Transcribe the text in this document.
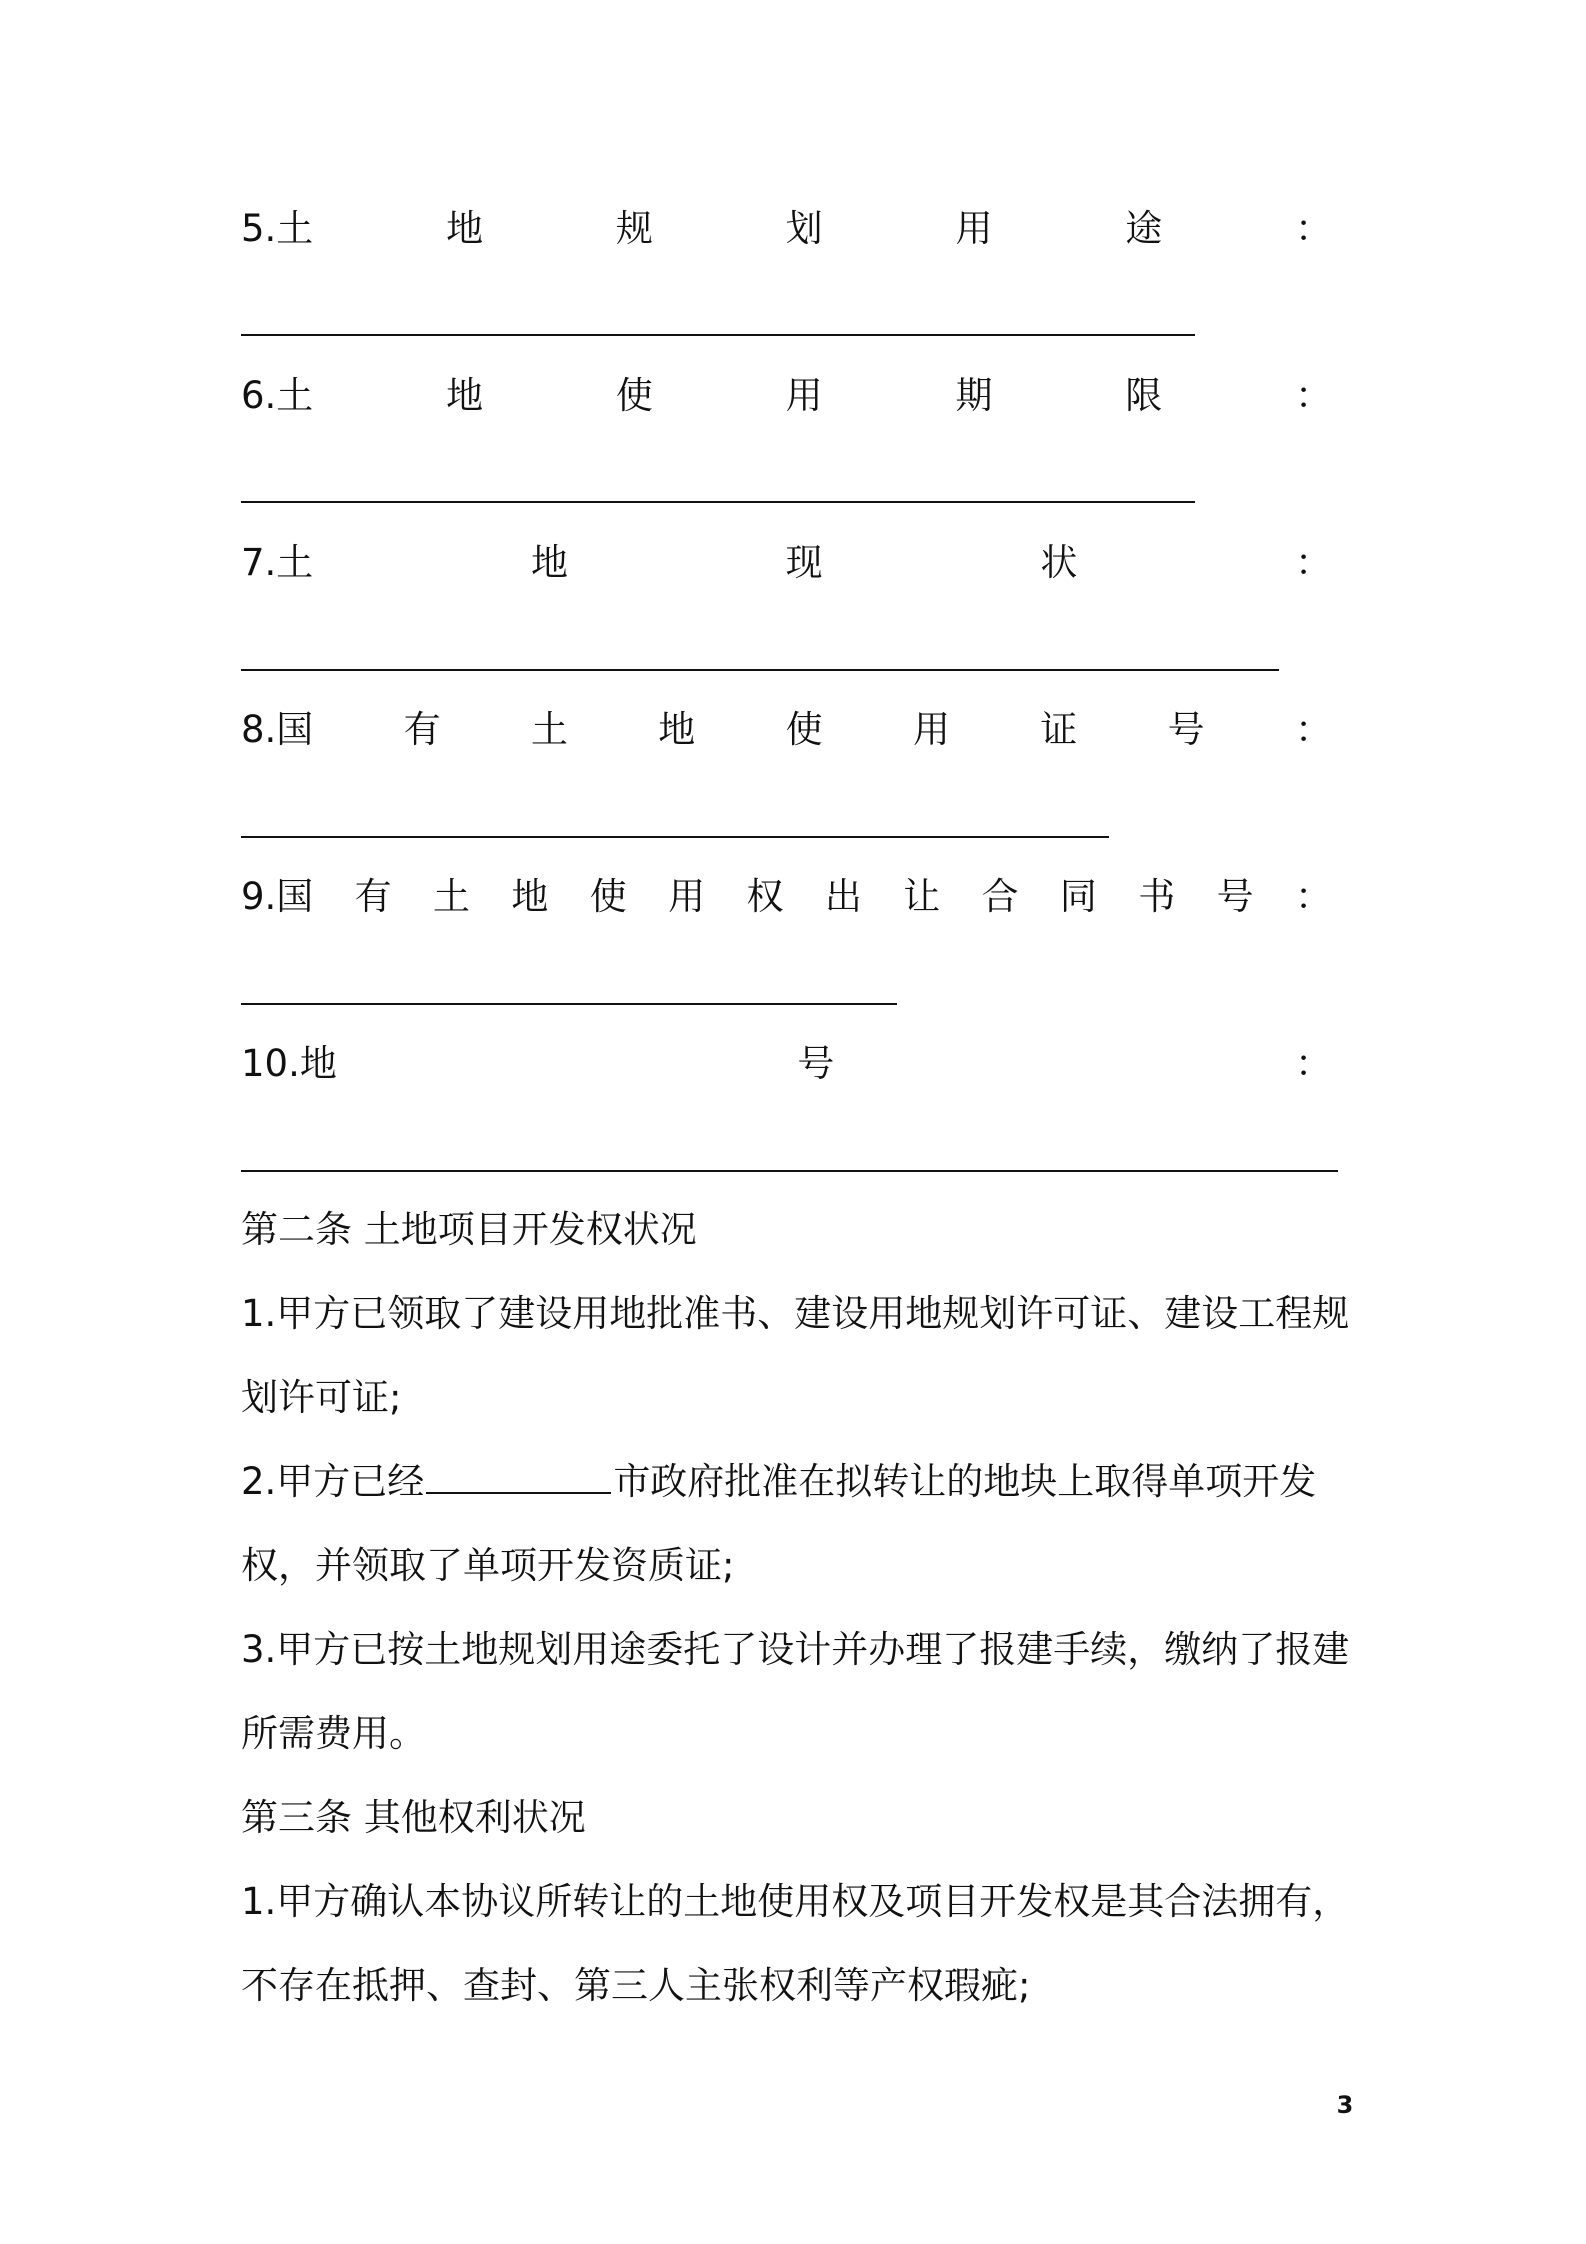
5.土	地	规	划	用	途	：
6.土	地	使	用	期	限	：
7.土	地	现	状	：
8.国 有 土 地 使 用 证 号 ：
9.国 有 土 地 使 用 权 出 让 合 同 书 号 ：
10.地	号	：
第二条 土地项目开发权状况
1.甲方已领取了建设用地批准书、建设用地规划许可证、建设工程规
划许可证;
2.甲方已经	市政府批准在拟转让的地块上取得单项开发
权，并领取了单项开发资质证;
3.甲方已按土地规划用途委托了设计并办理了报建手续，缴纳了报建
所需费用。
第三条 其他权利状况
1.甲方确认本协议所转让的土地使用权及项目开发权是其合法拥有，
不存在抵押、查封、第三人主张权利等产权瑕疵;
3
